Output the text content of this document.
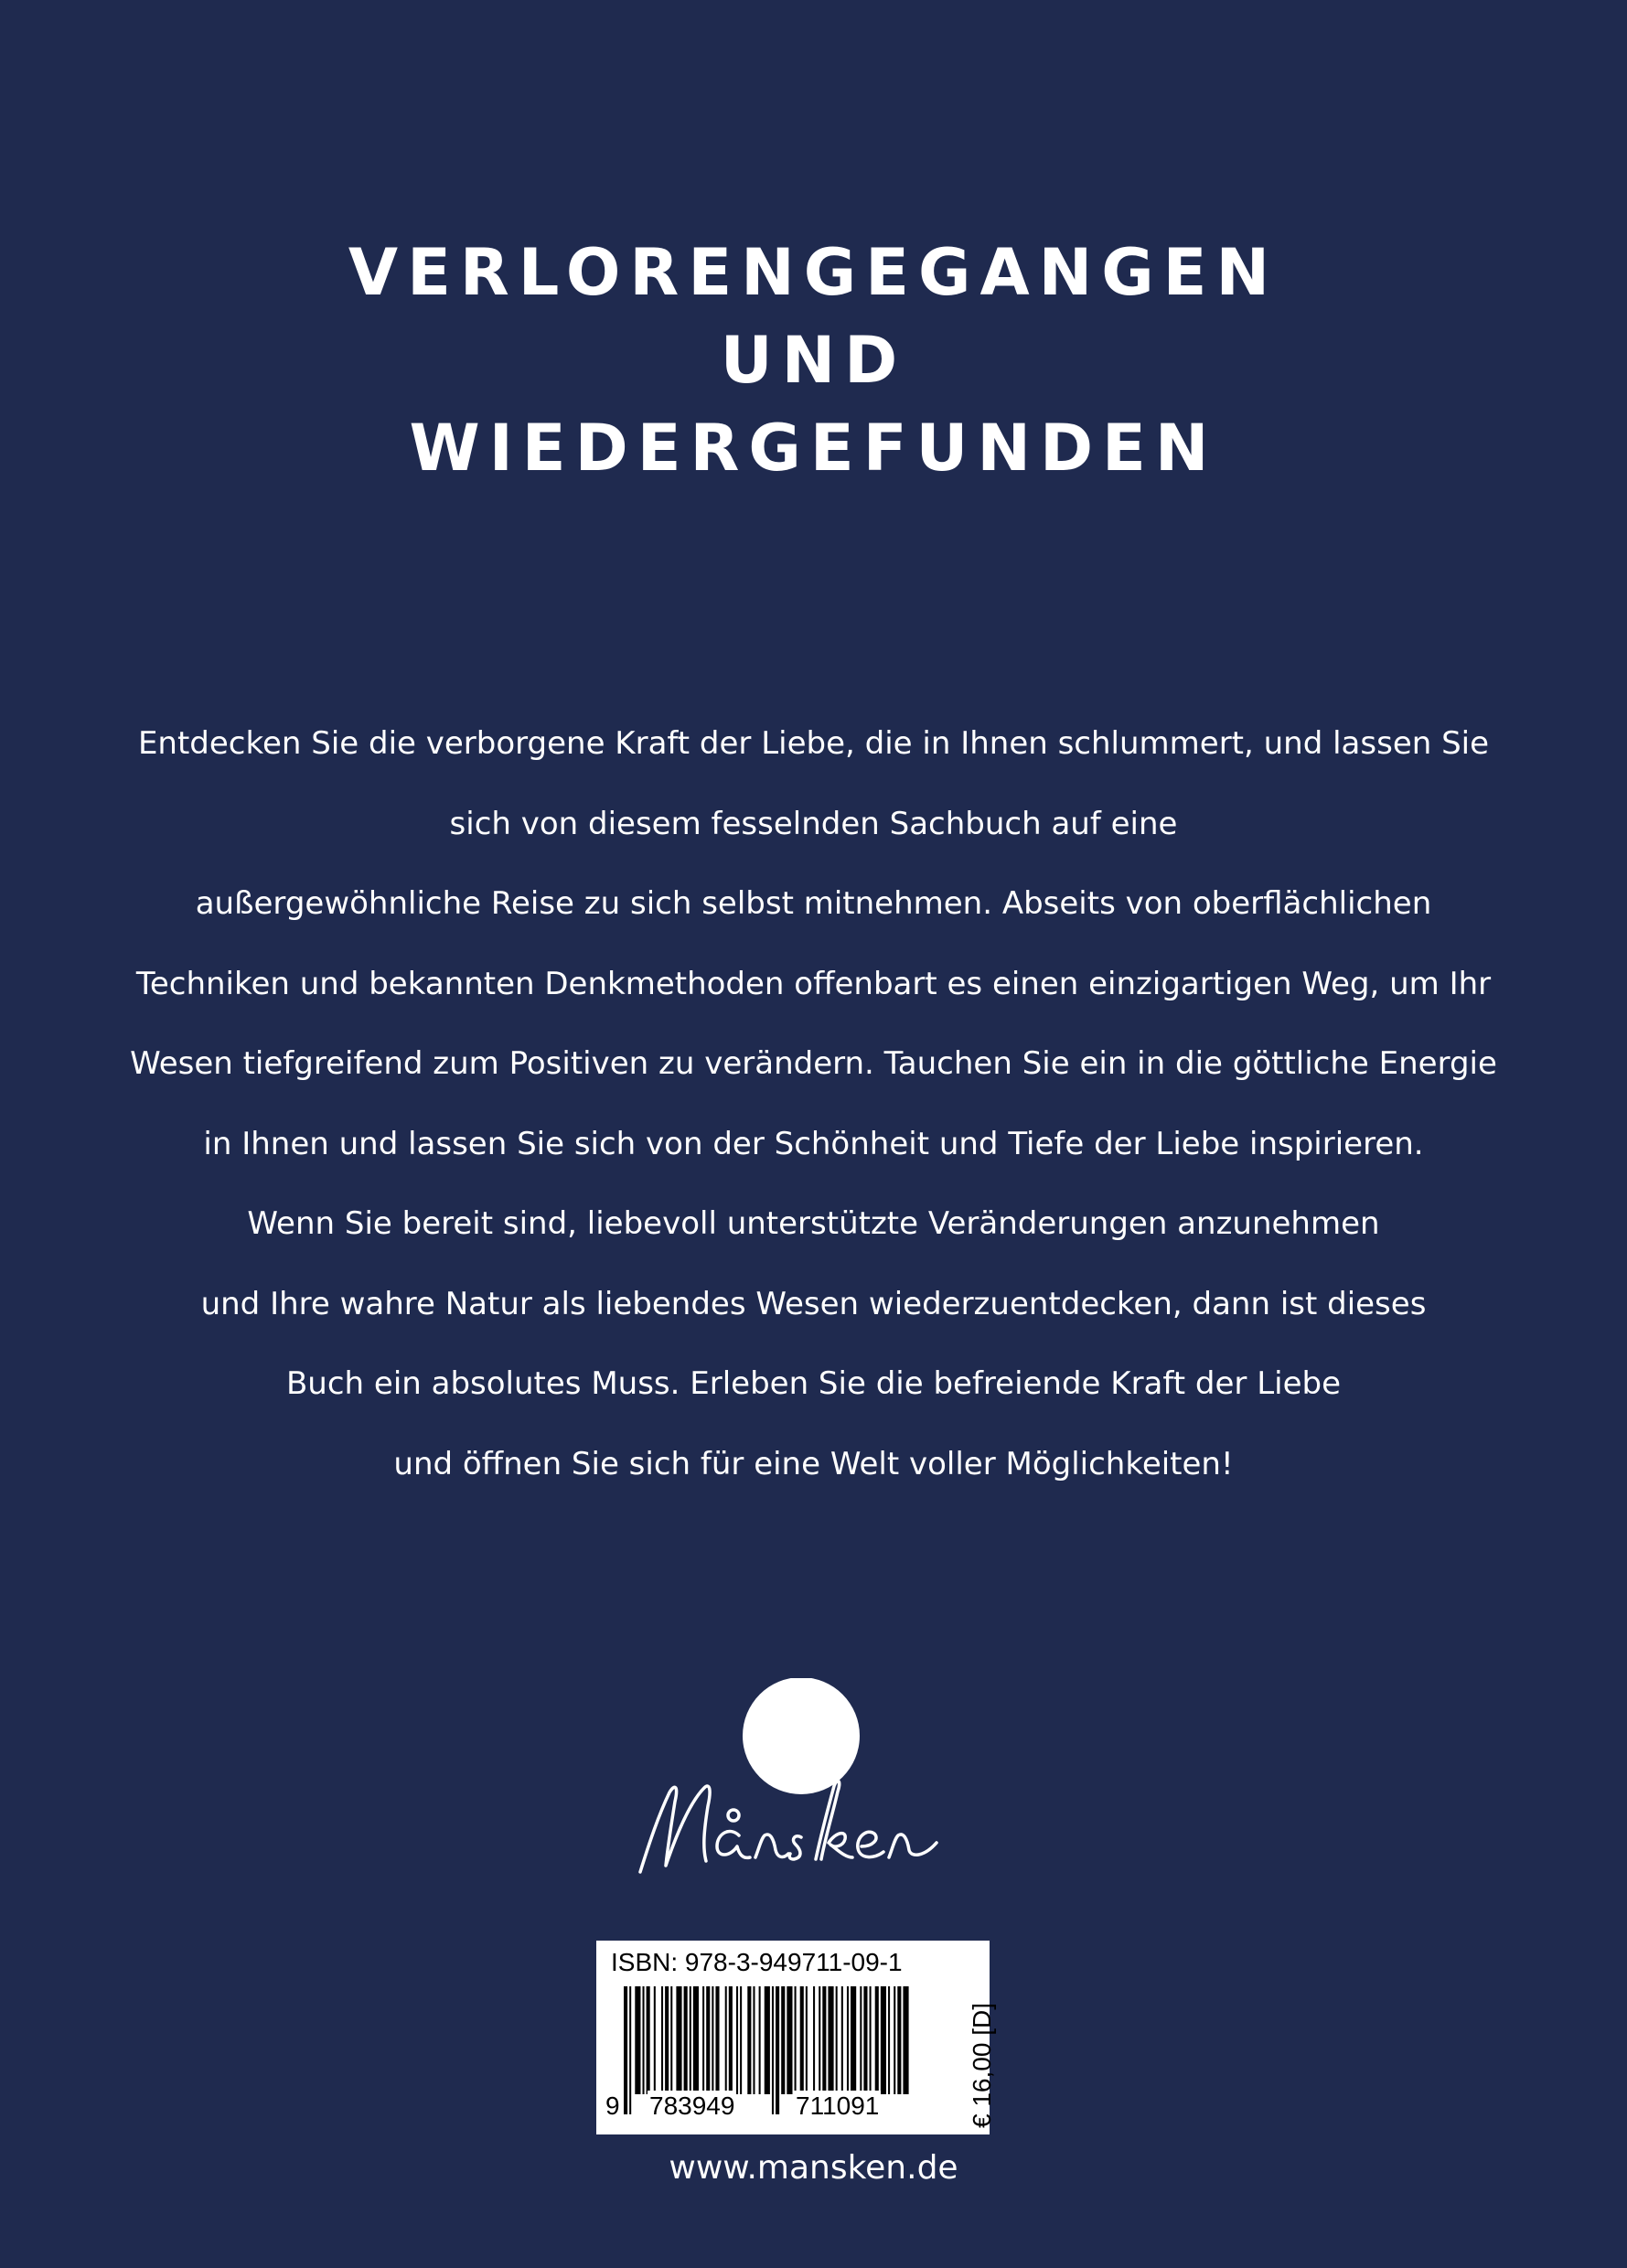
VERLORENGEGANGEN
UND
WIEDERGEFUNDEN
Entdecken Sie die verborgene Kraft der Liebe, die in Ihnen schlummert, und lassen Sie
sich von diesem fesselnden Sachbuch auf eine
außergewöhnliche Reise zu sich selbst mitnehmen. Abseits von oberflächlichen
Techniken und bekannten Denkmethoden offenbart es einen einzigartigen Weg, um Ihr
Wesen tiefgreifend zum Positiven zu verändern. Tauchen Sie ein in die göttliche Energie
in Ihnen und lassen Sie sich von der Schönheit und Tiefe der Liebe inspirieren.
Wenn Sie bereit sind, liebevoll unterstützte Veränderungen anzunehmen
und Ihre wahre Natur als liebendes Wesen wiederzuentdecken, dann ist dieses
Buch ein absolutes Muss. Erleben Sie die befreiende Kraft der Liebe
und öffnen Sie sich für eine Welt voller Möglichkeiten!
ISBN: 978-3-949711-09-1
9 783949 711091	€ 16,00 [D]
www.mansken.de
